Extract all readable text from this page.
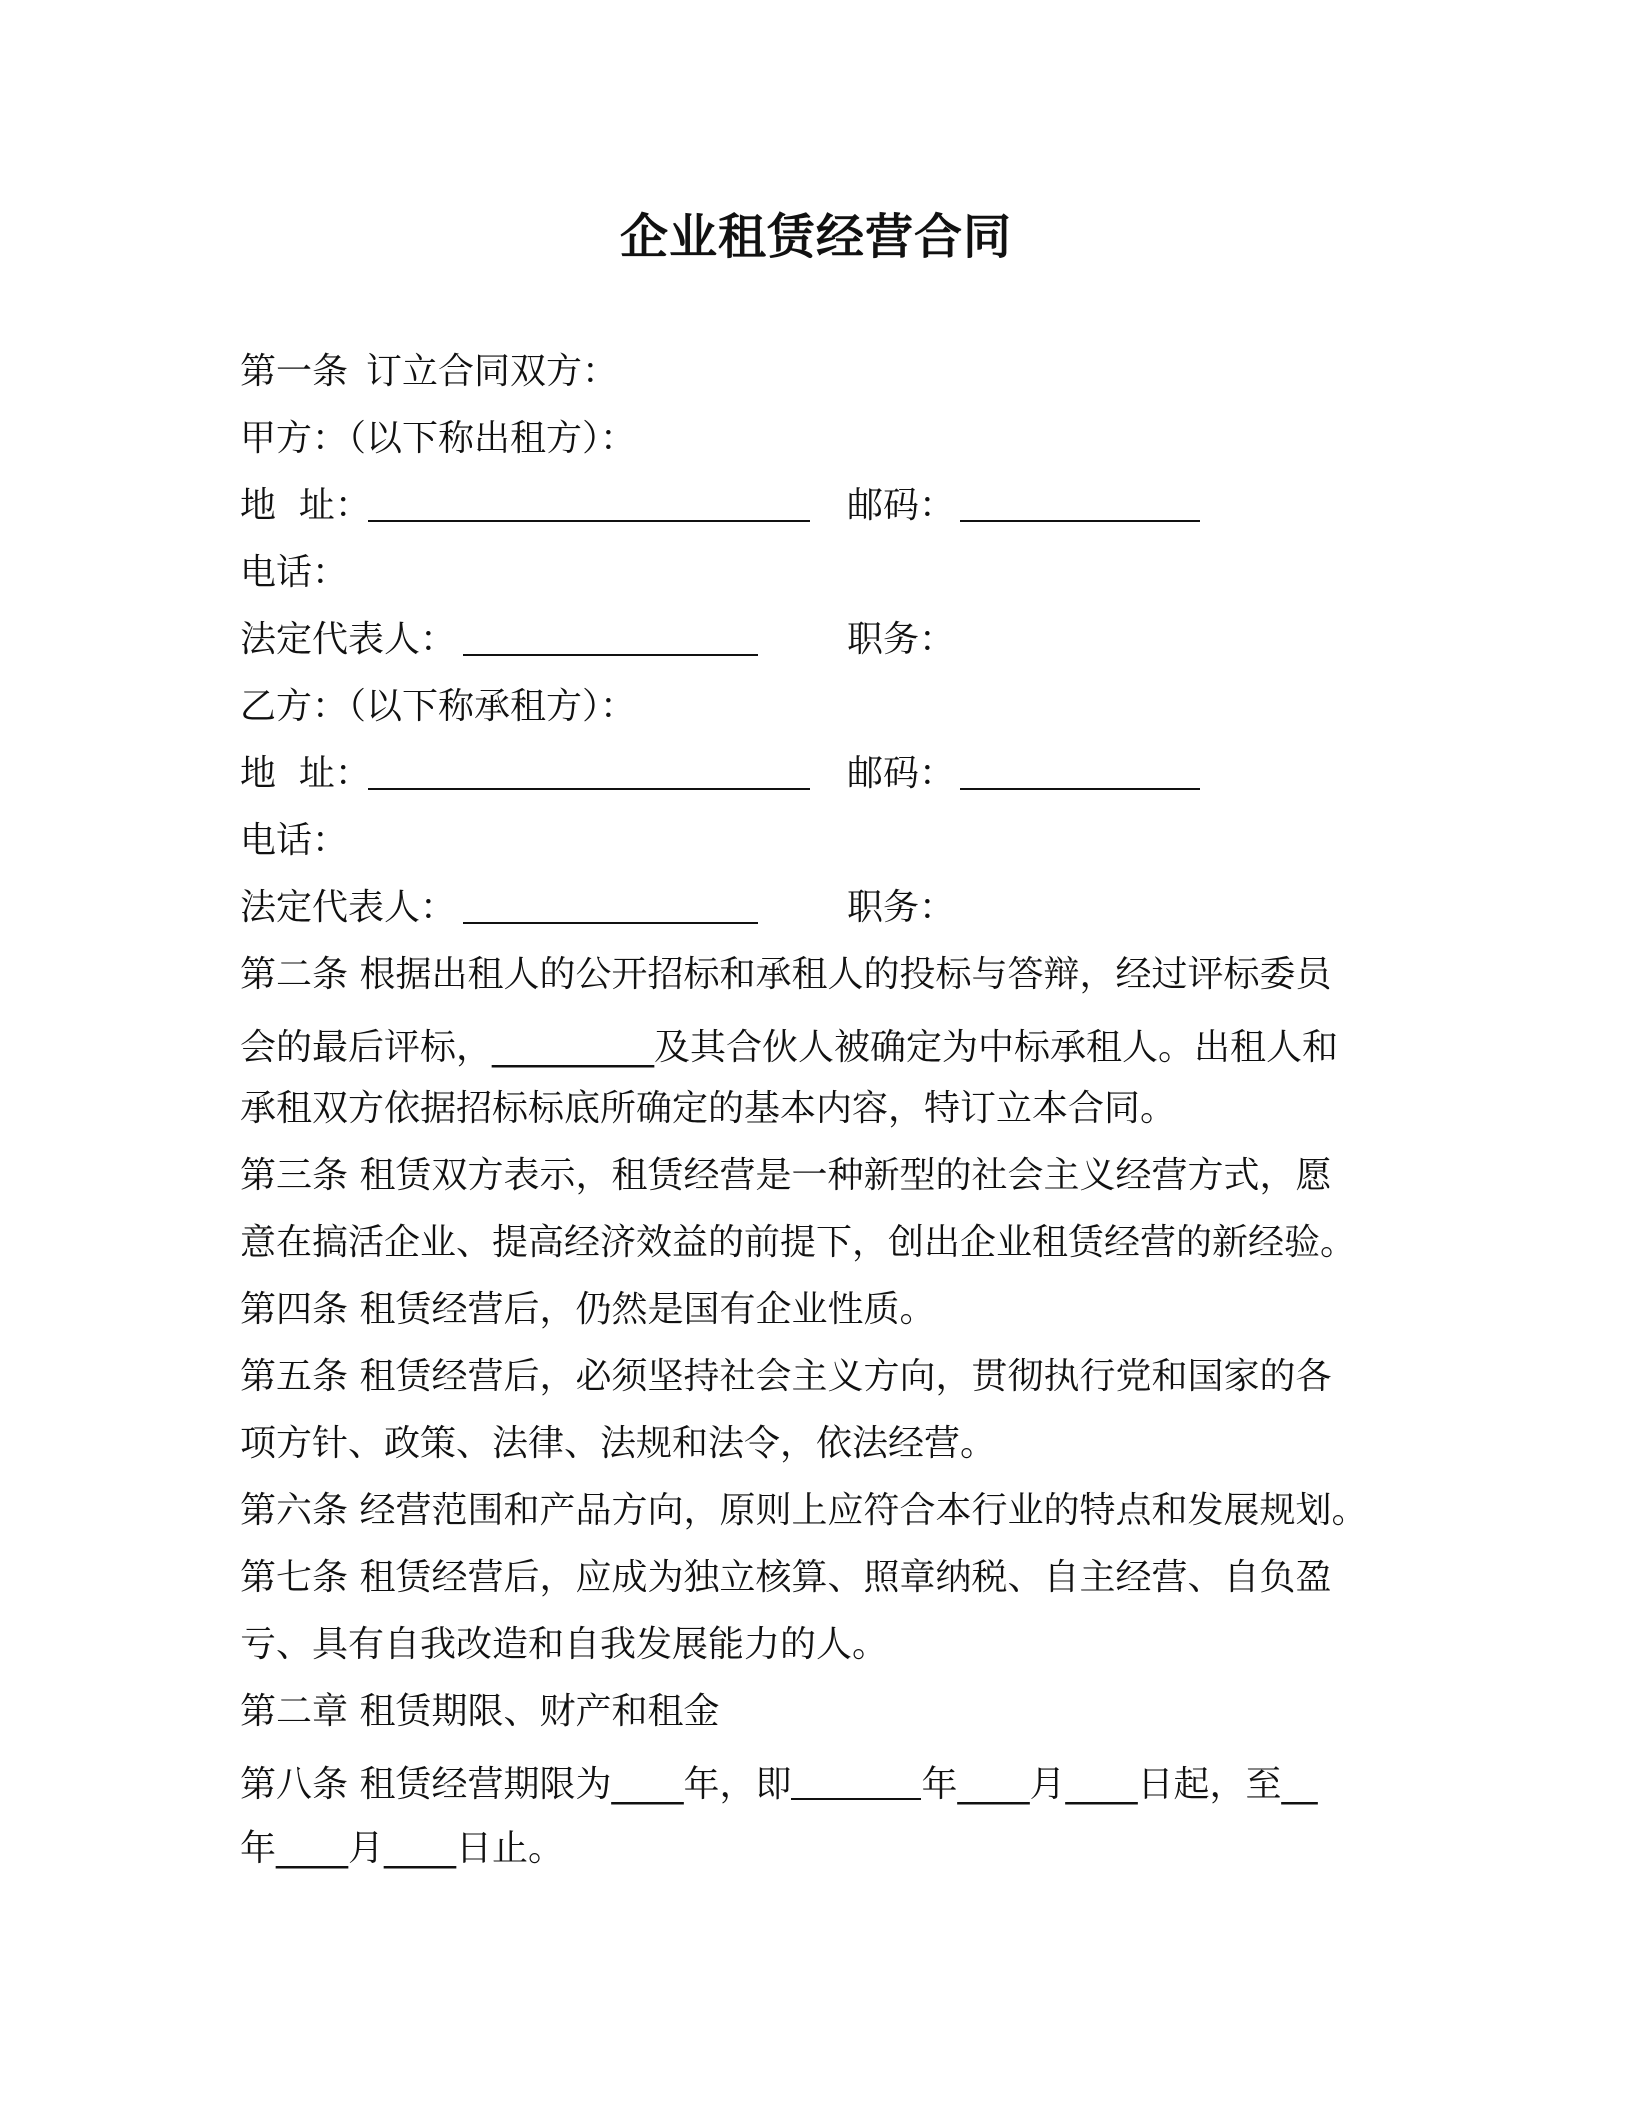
企业租赁经营合同
第一条 订立合同双方：
甲方：（以下称出租方）：
地  址：	邮码：
电话：
法定代表人：	职务：
乙方：（以下称承租方）：
地  址：	邮码：
电话：
法定代表人：	职务：
第二条 根据出租人的公开招标和承租人的投标与答辩，经过评标委员
会的最后评标，_________及其合伙人被确定为中标承租人。出租人和
承租双方依据招标标底所确定的基本内容，特订立本合同。
第三条 租赁双方表示，租赁经营是一种新型的社会主义经营方式，愿
意在搞活企业、提高经济效益的前提下，创出企业租赁经营的新经验。
第四条 租赁经营后，仍然是国有企业性质。
第五条 租赁经营后，必须坚持社会主义方向，贯彻执行党和国家的各
项方针、政策、法律、法规和法令，依法经营。
第六条 经营范围和产品方向，原则上应符合本行业的特点和发展规划。
第七条 租赁经营后，应成为独立核算、照章纳税、自主经营、自负盈
亏、具有自我改造和自我发展能力的人。
第二章 租赁期限、财产和租金
第八条 租赁经营期限为____年，即	年____月____日起，至__
年____月____日止。
